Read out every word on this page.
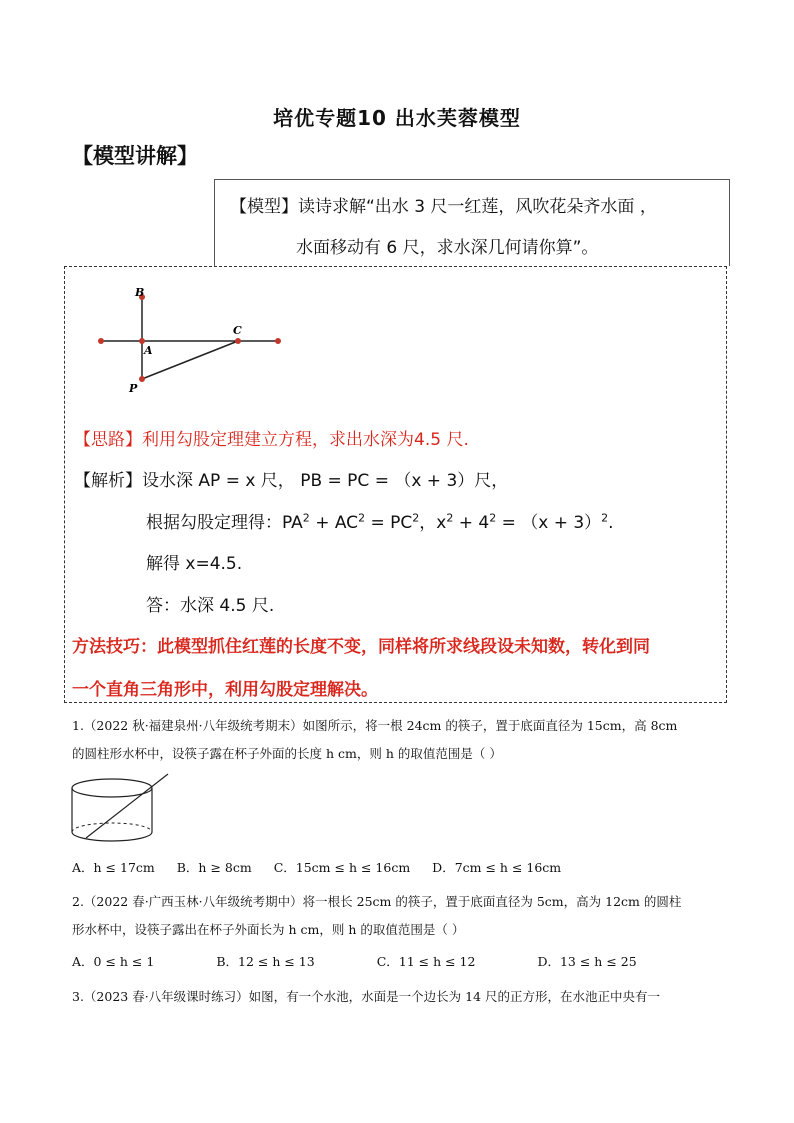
培优专题10 出水芙蓉模型
【模型讲解】
【模型】读诗求解“出水 3 尺一红莲，风吹花朵齐水面 ，
水面移动有 6 尺，求水深几何请你算”。
B
A
C
P
【思路】利用勾股定理建立方程，求出水深为4.5 尺.
【解析】设水深 AP = x 尺， PB = PC = （x + 3）尺，
根据勾股定理得：$PA^2 + AC^2 = PC^2$，$x^2 + 4^2 = (x + 3)^2$.
解得 x=4.5.
答：水深 4.5 尺.
方法技巧：此模型抓住红莲的长度不变，同样将所求线段设未知数，转化到同
一个直角三角形中，利用勾股定理解决。
1.（2022 秋·福建泉州·八年级统考期末）如图所示，将一根 24cm 的筷子，置于底面直径为 15cm，高 8cm
的圆柱形水杯中，设筷子露在杯子外面的长度 h cm，则 h 的取值范围是（ ）
A．h ≤ 17cm B．h ≥ 8cm C．15cm ≤ h ≤ 16cm D．7cm ≤ h ≤ 16cm
2.（2022 春·广西玉林·八年级统考期中）将一根长 25cm 的筷子，置于底面直径为 5cm，高为 12cm 的圆柱
形水杯中，设筷子露出在杯子外面长为 h cm，则 h 的取值范围是（ ）
A．0 ≤ h ≤ 1	B．12 ≤ h ≤ 13	C．11 ≤ h ≤ 12	D．13 ≤ h ≤ 25
3.（2023 春·八年级课时练习）如图，有一个水池，水面是一个边长为 14 尺的正方形，在水池正中央有一
